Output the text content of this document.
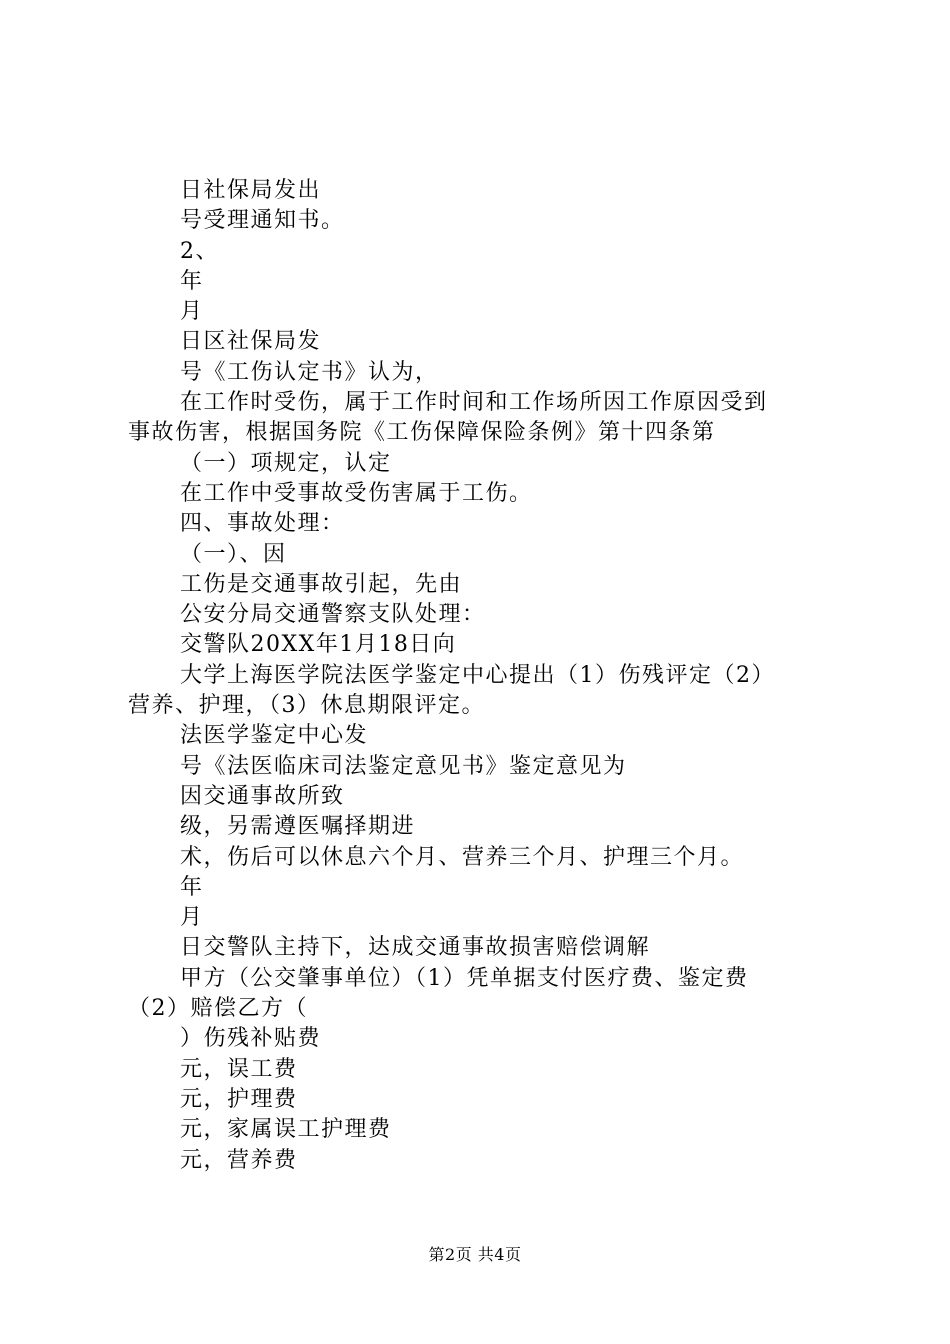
日社保局发出
号受理通知书。
2、
年
月
日区社保局发
号《工伤认定书》认为，
在工作时受伤，属于工作时间和工作场所因工作原因受到
事故伤害，根据国务院《工伤保障保险条例》第十四条第
（一）项规定，认定
在工作中受事故受伤害属于工伤。
四、事故处理：
（一）、因
工伤是交通事故引起，先由
公安分局交通警察支队处理：
交警队20XX年1月18日向
大学上海医学院法医学鉴定中心提出（1）伤残评定（2）
营养、护理，（3）休息期限评定。
法医学鉴定中心发
号《法医临床司法鉴定意见书》鉴定意见为
因交通事故所致
级，另需遵医嘱择期进
术，伤后可以休息六个月、营养三个月、护理三个月。
年
月
日交警队主持下，达成交通事故损害赔偿调解
甲方（公交肇事单位）（1）凭单据支付医疗费、鉴定费
（2）赔偿乙方（
）伤残补贴费
元，误工费
元，护理费
元，家属误工护理费
元，营养费
第2页 共4页
